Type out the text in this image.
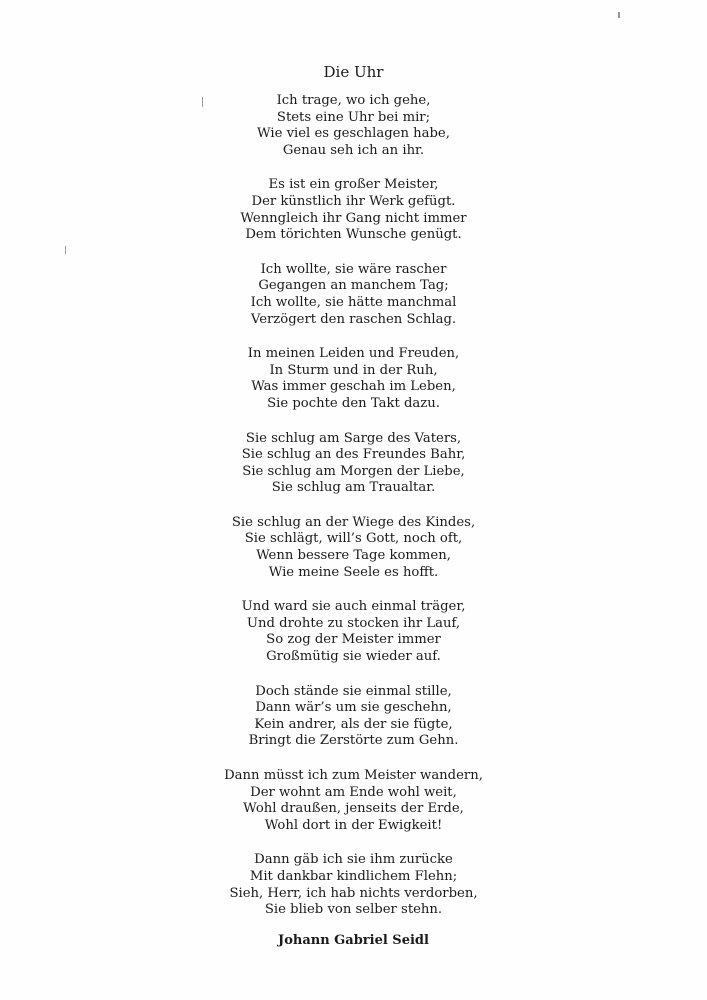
Die Uhr
Ich trage, wo ich gehe,
Stets eine Uhr bei mir;
Wie viel es geschlagen habe,
Genau seh ich an ihr.
Es ist ein großer Meister,
Der künstlich ihr Werk gefügt.
Wenngleich ihr Gang nicht immer
Dem törichten Wunsche genügt.
Ich wollte, sie wäre rascher
Gegangen an manchem Tag;
Ich wollte, sie hätte manchmal
Verzögert den raschen Schlag.
In meinen Leiden und Freuden,
In Sturm und in der Ruh,
Was immer geschah im Leben,
Sie pochte den Takt dazu.
Sie schlug am Sarge des Vaters,
Sie schlug an des Freundes Bahr,
Sie schlug am Morgen der Liebe,
Sie schlug am Traualtar.
Sie schlug an der Wiege des Kindes,
Sie schlägt, will’s Gott, noch oft,
Wenn bessere Tage kommen,
Wie meine Seele es hofft.
Und ward sie auch einmal träger,
Und drohte zu stocken ihr Lauf,
So zog der Meister immer
Großmütig sie wieder auf.
Doch stände sie einmal stille,
Dann wär’s um sie geschehn,
Kein andrer, als der sie fügte,
Bringt die Zerstörte zum Gehn.
Dann müsst ich zum Meister wandern,
Der wohnt am Ende wohl weit,
Wohl draußen, jenseits der Erde,
Wohl dort in der Ewigkeit!
Dann gäb ich sie ihm zurücke
Mit dankbar kindlichem Flehn;
Sieh, Herr, ich hab nichts verdorben,
Sie blieb von selber stehn.

Johann Gabriel Seidl
